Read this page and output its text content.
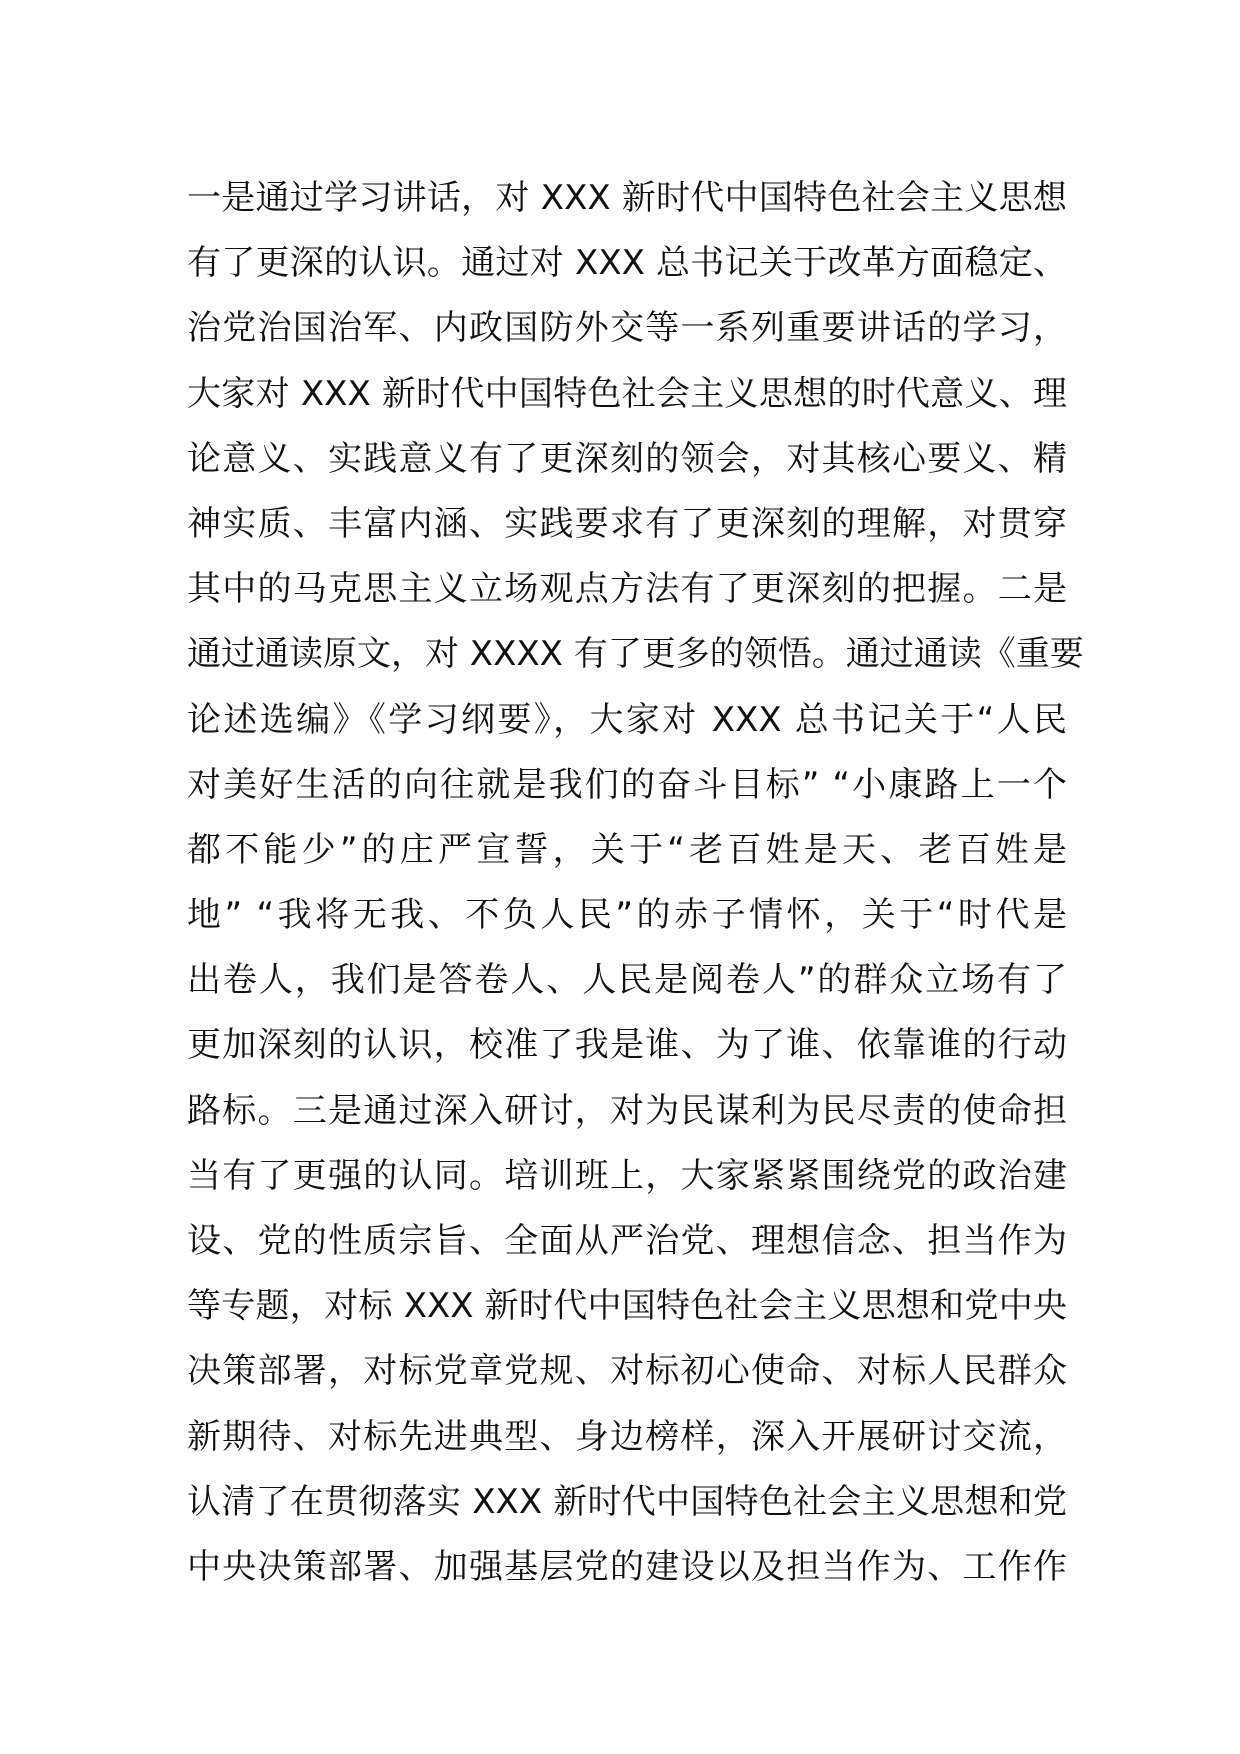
一是通过学习讲话，对 XXX 新时代中国特色社会主义思想
有了更深的认识。通过对 XXX 总书记关于改革方面稳定、
治党治国治军、内政国防外交等一系列重要讲话的学习，
大家对 XXX 新时代中国特色社会主义思想的时代意义、理
论意义、实践意义有了更深刻的领会，对其核心要义、精
神实质、丰富内涵、实践要求有了更深刻的理解，对贯穿
其中的马克思主义立场观点方法有了更深刻的把握。二是
通过通读原文，对 XXXX 有了更多的领悟。通过通读《重要
论述选编》《学习纲要》，大家对 XXX 总书记关于“人民
对美好生活的向往就是我们的奋斗目标” “小康路上一个
都不能少”的庄严宣誓，关于“老百姓是天、老百姓是
地” “我将无我、不负人民”的赤子情怀，关于“时代是
出卷人，我们是答卷人、人民是阅卷人”的群众立场有了
更加深刻的认识，校准了我是谁、为了谁、依靠谁的行动
路标。三是通过深入研讨，对为民谋利为民尽责的使命担
当有了更强的认同。培训班上，大家紧紧围绕党的政治建
设、党的性质宗旨、全面从严治党、理想信念、担当作为
等专题，对标 XXX 新时代中国特色社会主义思想和党中央
决策部署，对标党章党规、对标初心使命、对标人民群众
新期待、对标先进典型、身边榜样，深入开展研讨交流，
认清了在贯彻落实 XXX 新时代中国特色社会主义思想和党
中央决策部署、加强基层党的建设以及担当作为、工作作
